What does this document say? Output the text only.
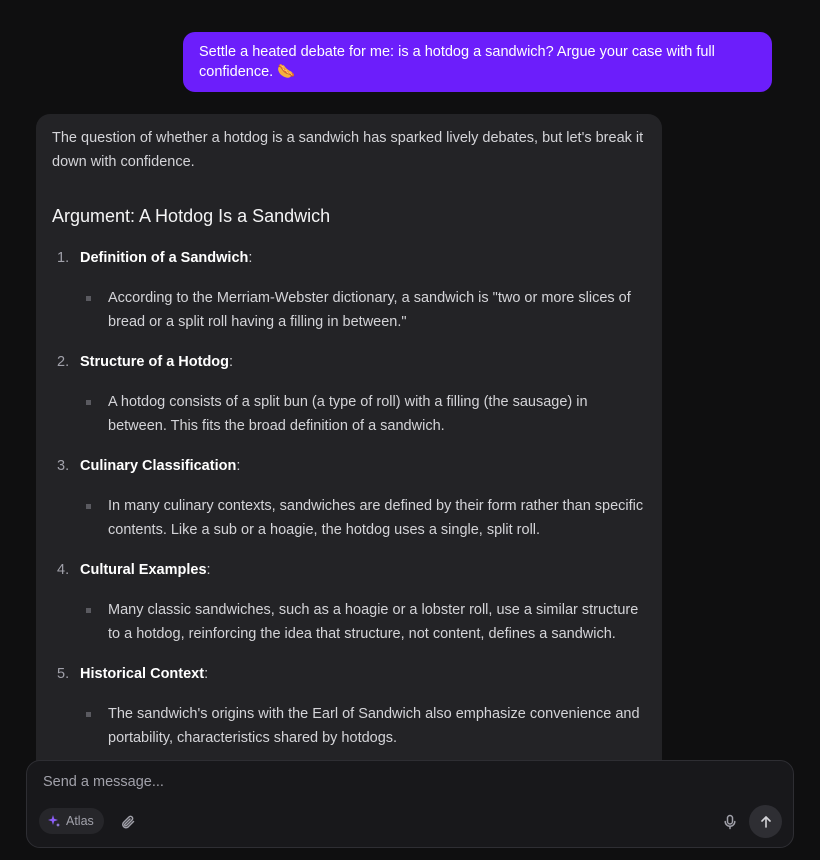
Settle a heated debate for me: is a hotdog a sandwich? Argue your case with full confidence. 🌭

The question of whether a hotdog is a sandwich has sparked lively debates, but let's break it down with confidence.

Argument: A Hotdog Is a Sandwich
1. Definition of a Sandwich:
According to the Merriam-Webster dictionary, a sandwich is "two or more slices of bread or a split roll having a filling in between."
2. Structure of a Hotdog:
A hotdog consists of a split bun (a type of roll) with a filling (the sausage) in between. This fits the broad definition of a sandwich.
3. Culinary Classification:
In many culinary contexts, sandwiches are defined by their form rather than specific contents. Like a sub or a hoagie, the hotdog uses a single, split roll.
4. Cultural Examples:
Many classic sandwiches, such as a hoagie or a lobster roll, use a similar structure to a hotdog, reinforcing the idea that structure, not content, defines a sandwich.
5. Historical Context:
The sandwich's origins with the Earl of Sandwich also emphasize convenience and portability, characteristics shared by hotdogs.
Send a message...
Atlas
